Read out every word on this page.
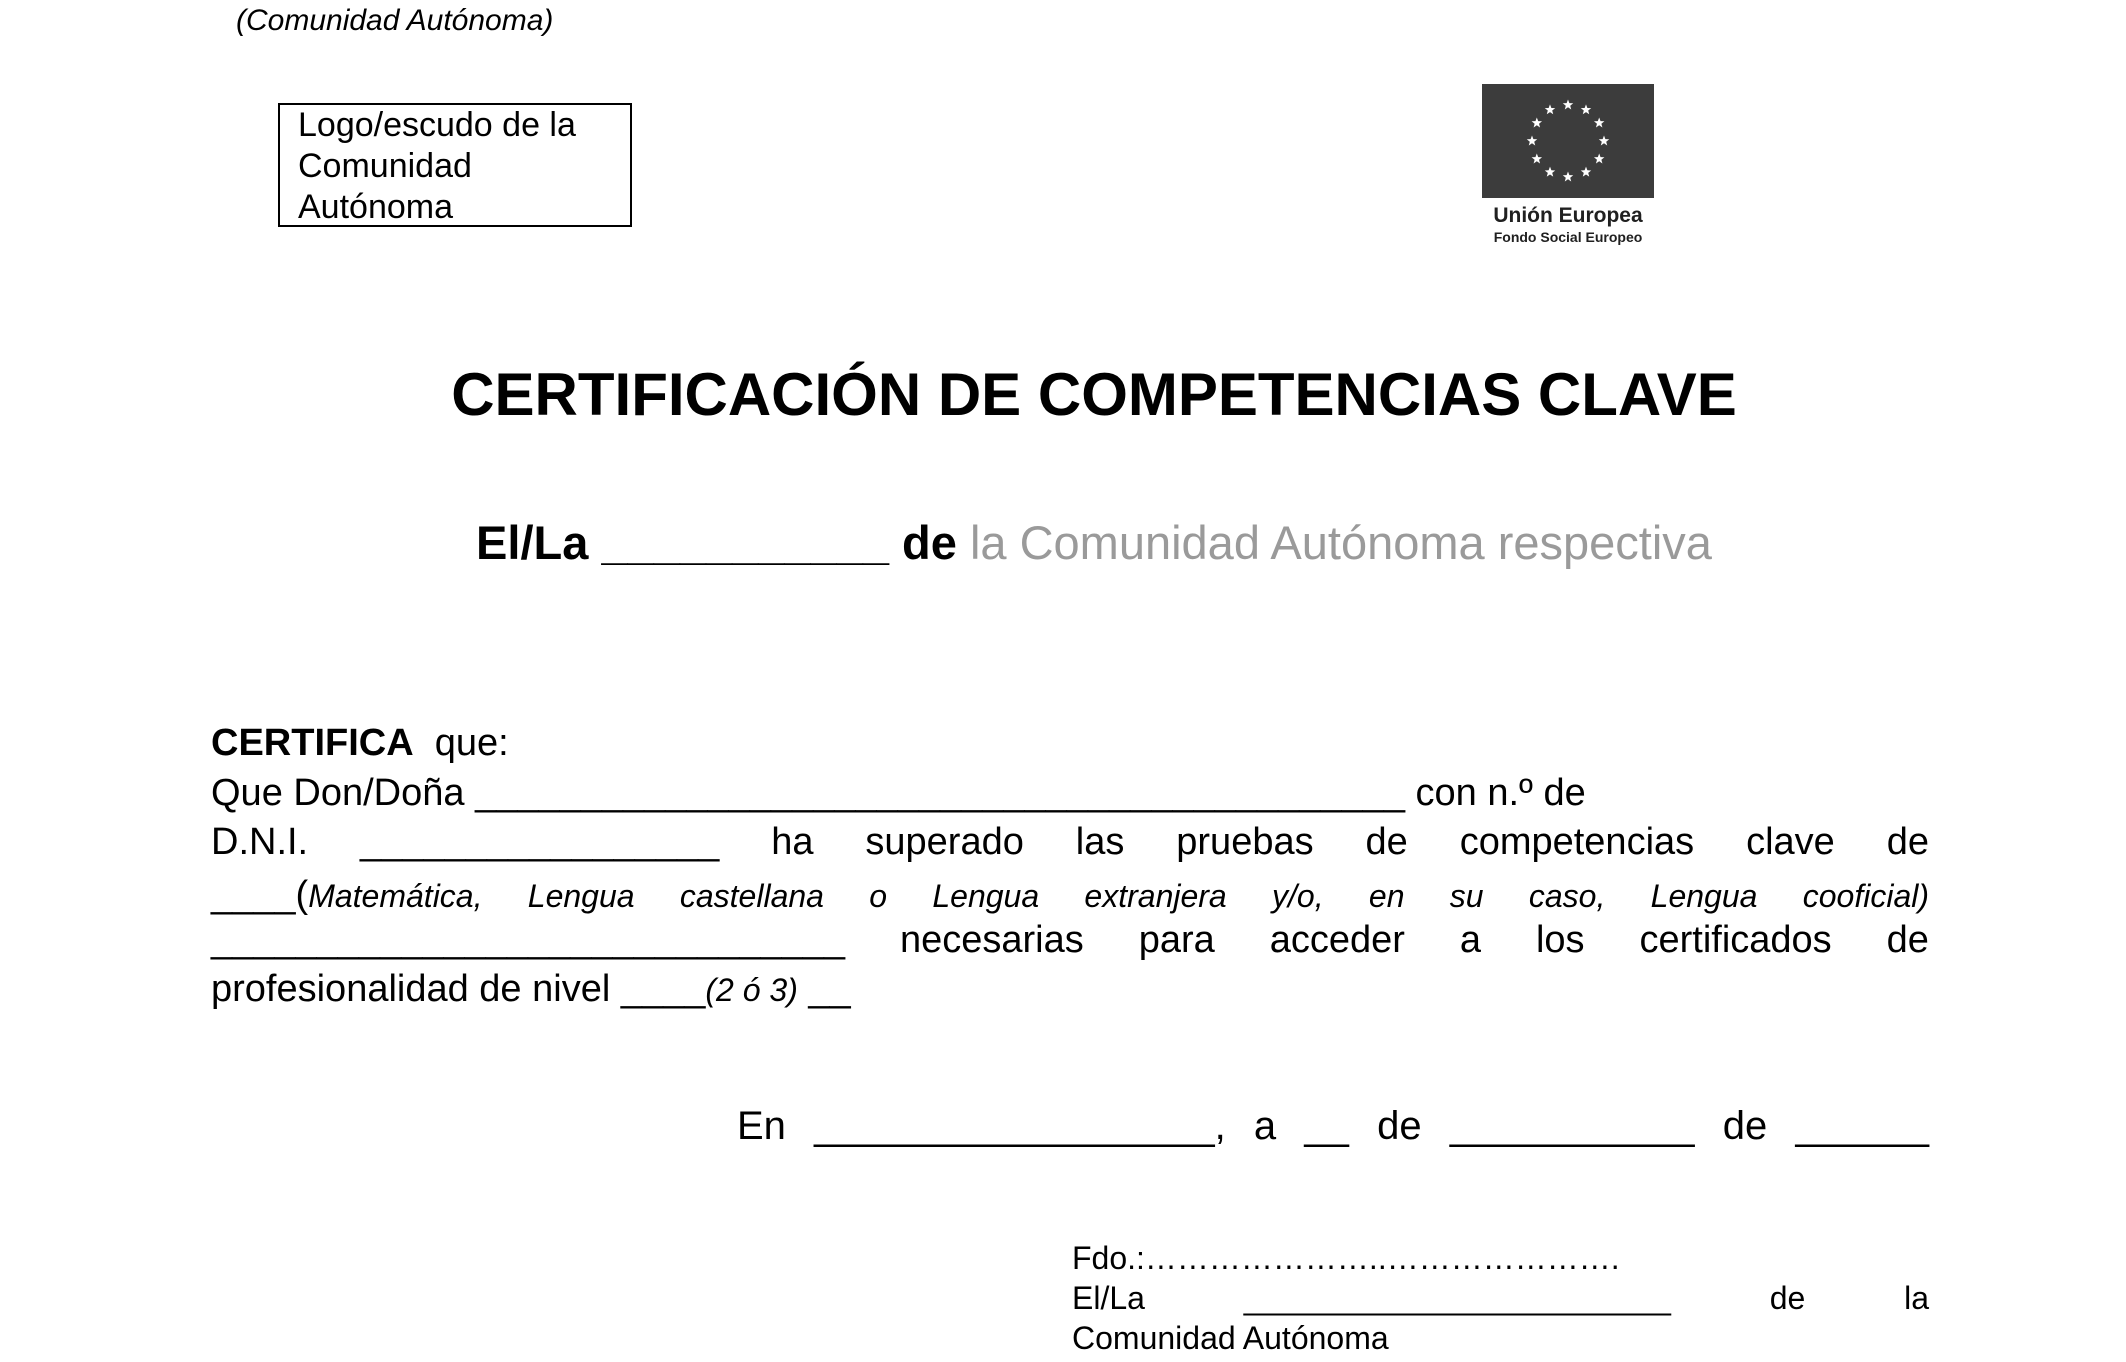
(Comunidad Autónoma)
Logo/escudo de la
Comunidad
Autónoma	Unión Europea
Fondo Social Europeo
CERTIFICACIÓN DE COMPETENCIAS CLAVE
El/La ___________ de la Comunidad Autónoma respectiva
CERTIFICA que:
Que Don/Doña ____________________________________________ con n.º de
D.N.I. _________________ ha superado las pruebas de competencias clave de
____(Matemática, Lengua castellana o Lengua extranjera y/o, en su caso, Lengua cooficial)
______________________________ necesarias para acceder a los certificados de
profesionalidad de nivel ____(2 ó 3) __
En __________________, a __ de ___________ de ______
Fdo.:…………………..………………….
El/La	________________________	de	la
Comunidad Autónoma
